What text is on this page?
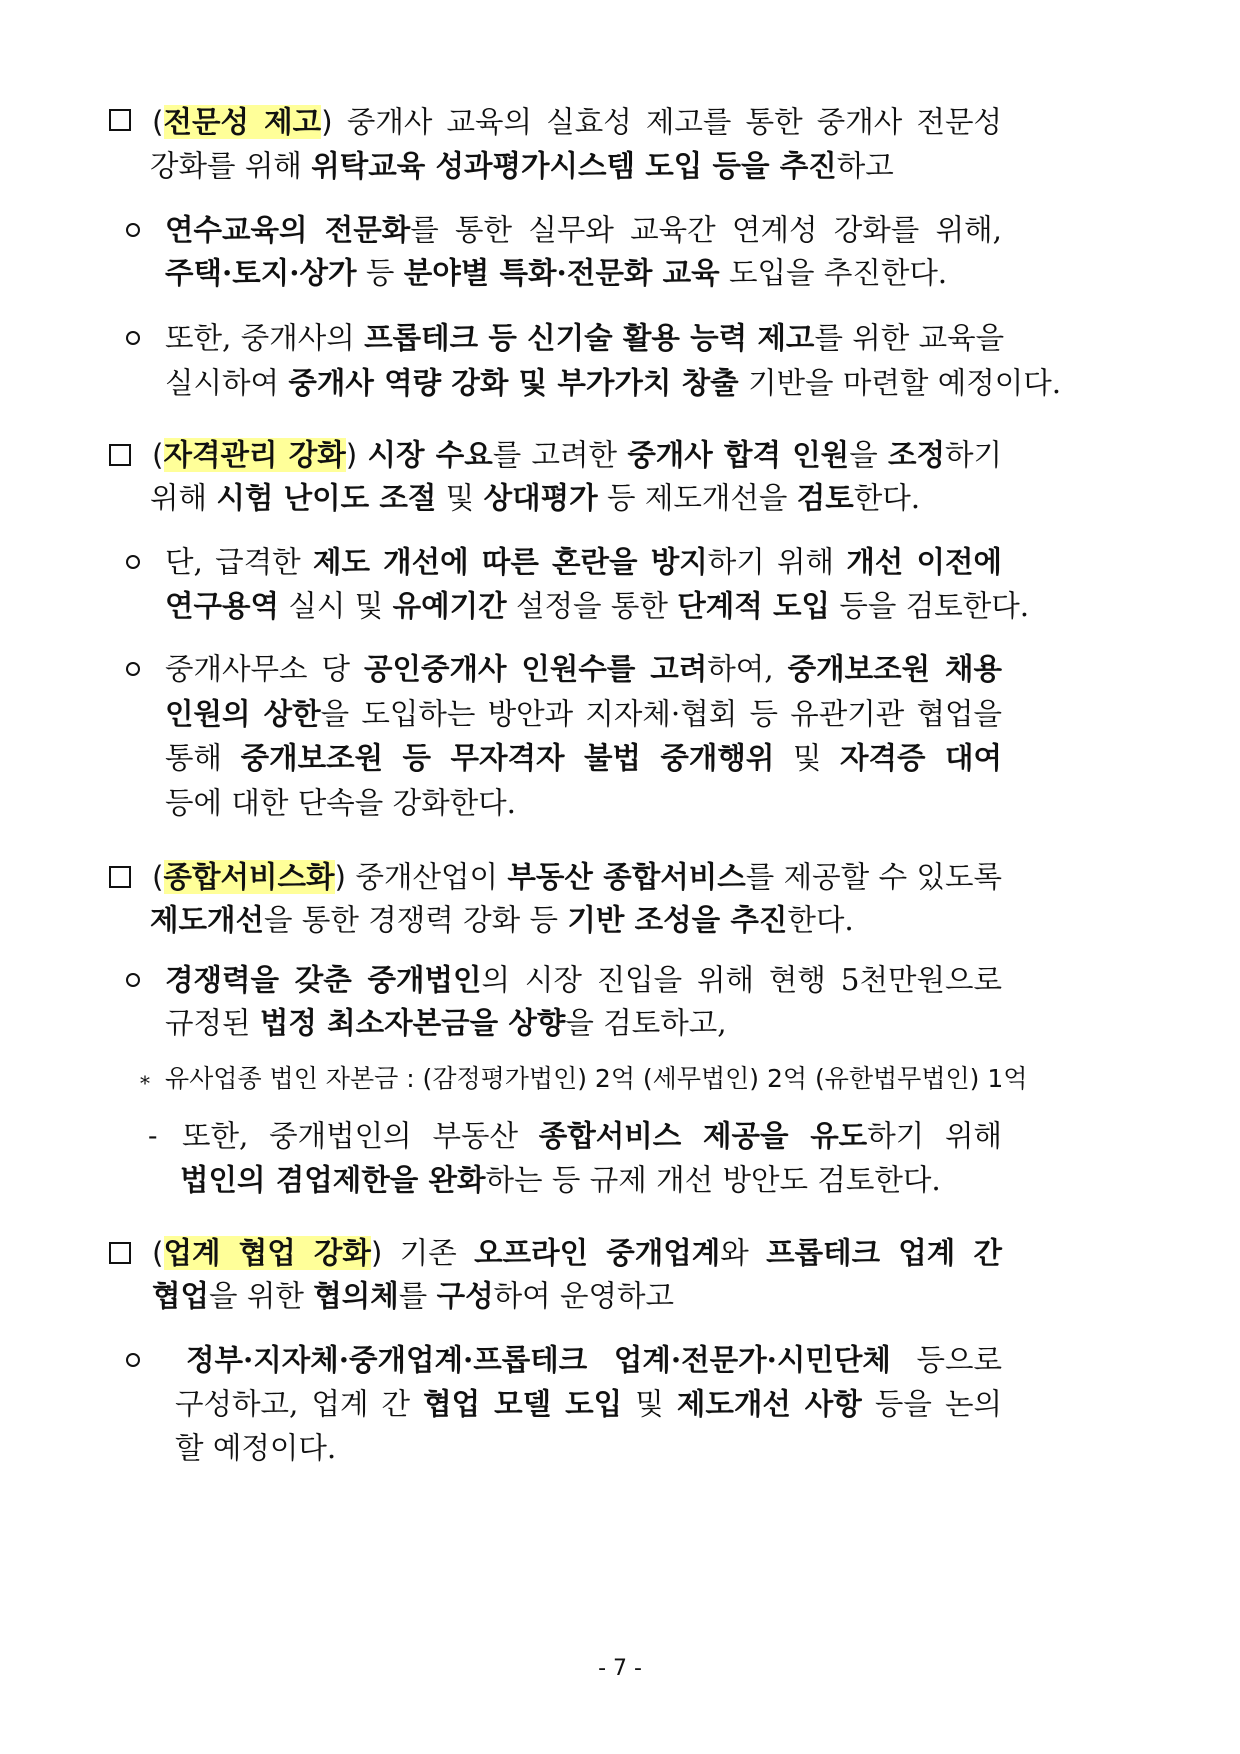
(전문성 제고) 중개사 교육의 실효성 제고를 통한 중개사 전문성
강화를 위해 위탁교육 성과평가시스템 도입 등을 추진하고
연수교육의 전문화를 통한 실무와 교육간 연계성 강화를 위해,
주택·토지·상가 등 분야별 특화·전문화 교육 도입을 추진한다.
또한, 중개사의 프롭테크 등 신기술 활용 능력 제고를 위한 교육을
실시하여 중개사 역량 강화 및 부가가치 창출 기반을 마련할 예정이다.
(자격관리 강화) 시장 수요를 고려한 중개사 합격 인원을 조정하기
위해 시험 난이도 조절 및 상대평가 등 제도개선을 검토한다.
단, 급격한 제도 개선에 따른 혼란을 방지하기 위해 개선 이전에
연구용역 실시 및 유예기간 설정을 통한 단계적 도입 등을 검토한다.
중개사무소 당 공인중개사 인원수를 고려하여, 중개보조원 채용
인원의 상한을 도입하는 방안과 지자체·협회 등 유관기관 협업을
통해 중개보조원 등 무자격자 불법 중개행위 및 자격증 대여
등에 대한 단속을 강화한다.
(종합서비스화) 중개산업이 부동산 종합서비스를 제공할 수 있도록
제도개선을 통한 경쟁력 강화 등 기반 조성을 추진한다.
경쟁력을 갖춘 중개법인의 시장 진입을 위해 현행 5천만원으로
규정된 법정 최소자본금을 상향을 검토하고,
* 유사업종 법인 자본금 : (감정평가법인) 2억 (세무법인) 2억 (유한법무법인) 1억
- 또한, 중개법인의 부동산 종합서비스 제공을 유도하기 위해
법인의 겸업제한을 완화하는 등 규제 개선 방안도 검토한다.
(업계 협업 강화) 기존 오프라인 중개업계와 프롭테크 업계 간
협업을 위한 협의체를 구성하여 운영하고
정부·지자체·중개업계·프롭테크 업계·전문가·시민단체 등으로
구성하고, 업계 간 협업 모델 도입 및 제도개선 사항 등을 논의
할 예정이다.
- 7 -
